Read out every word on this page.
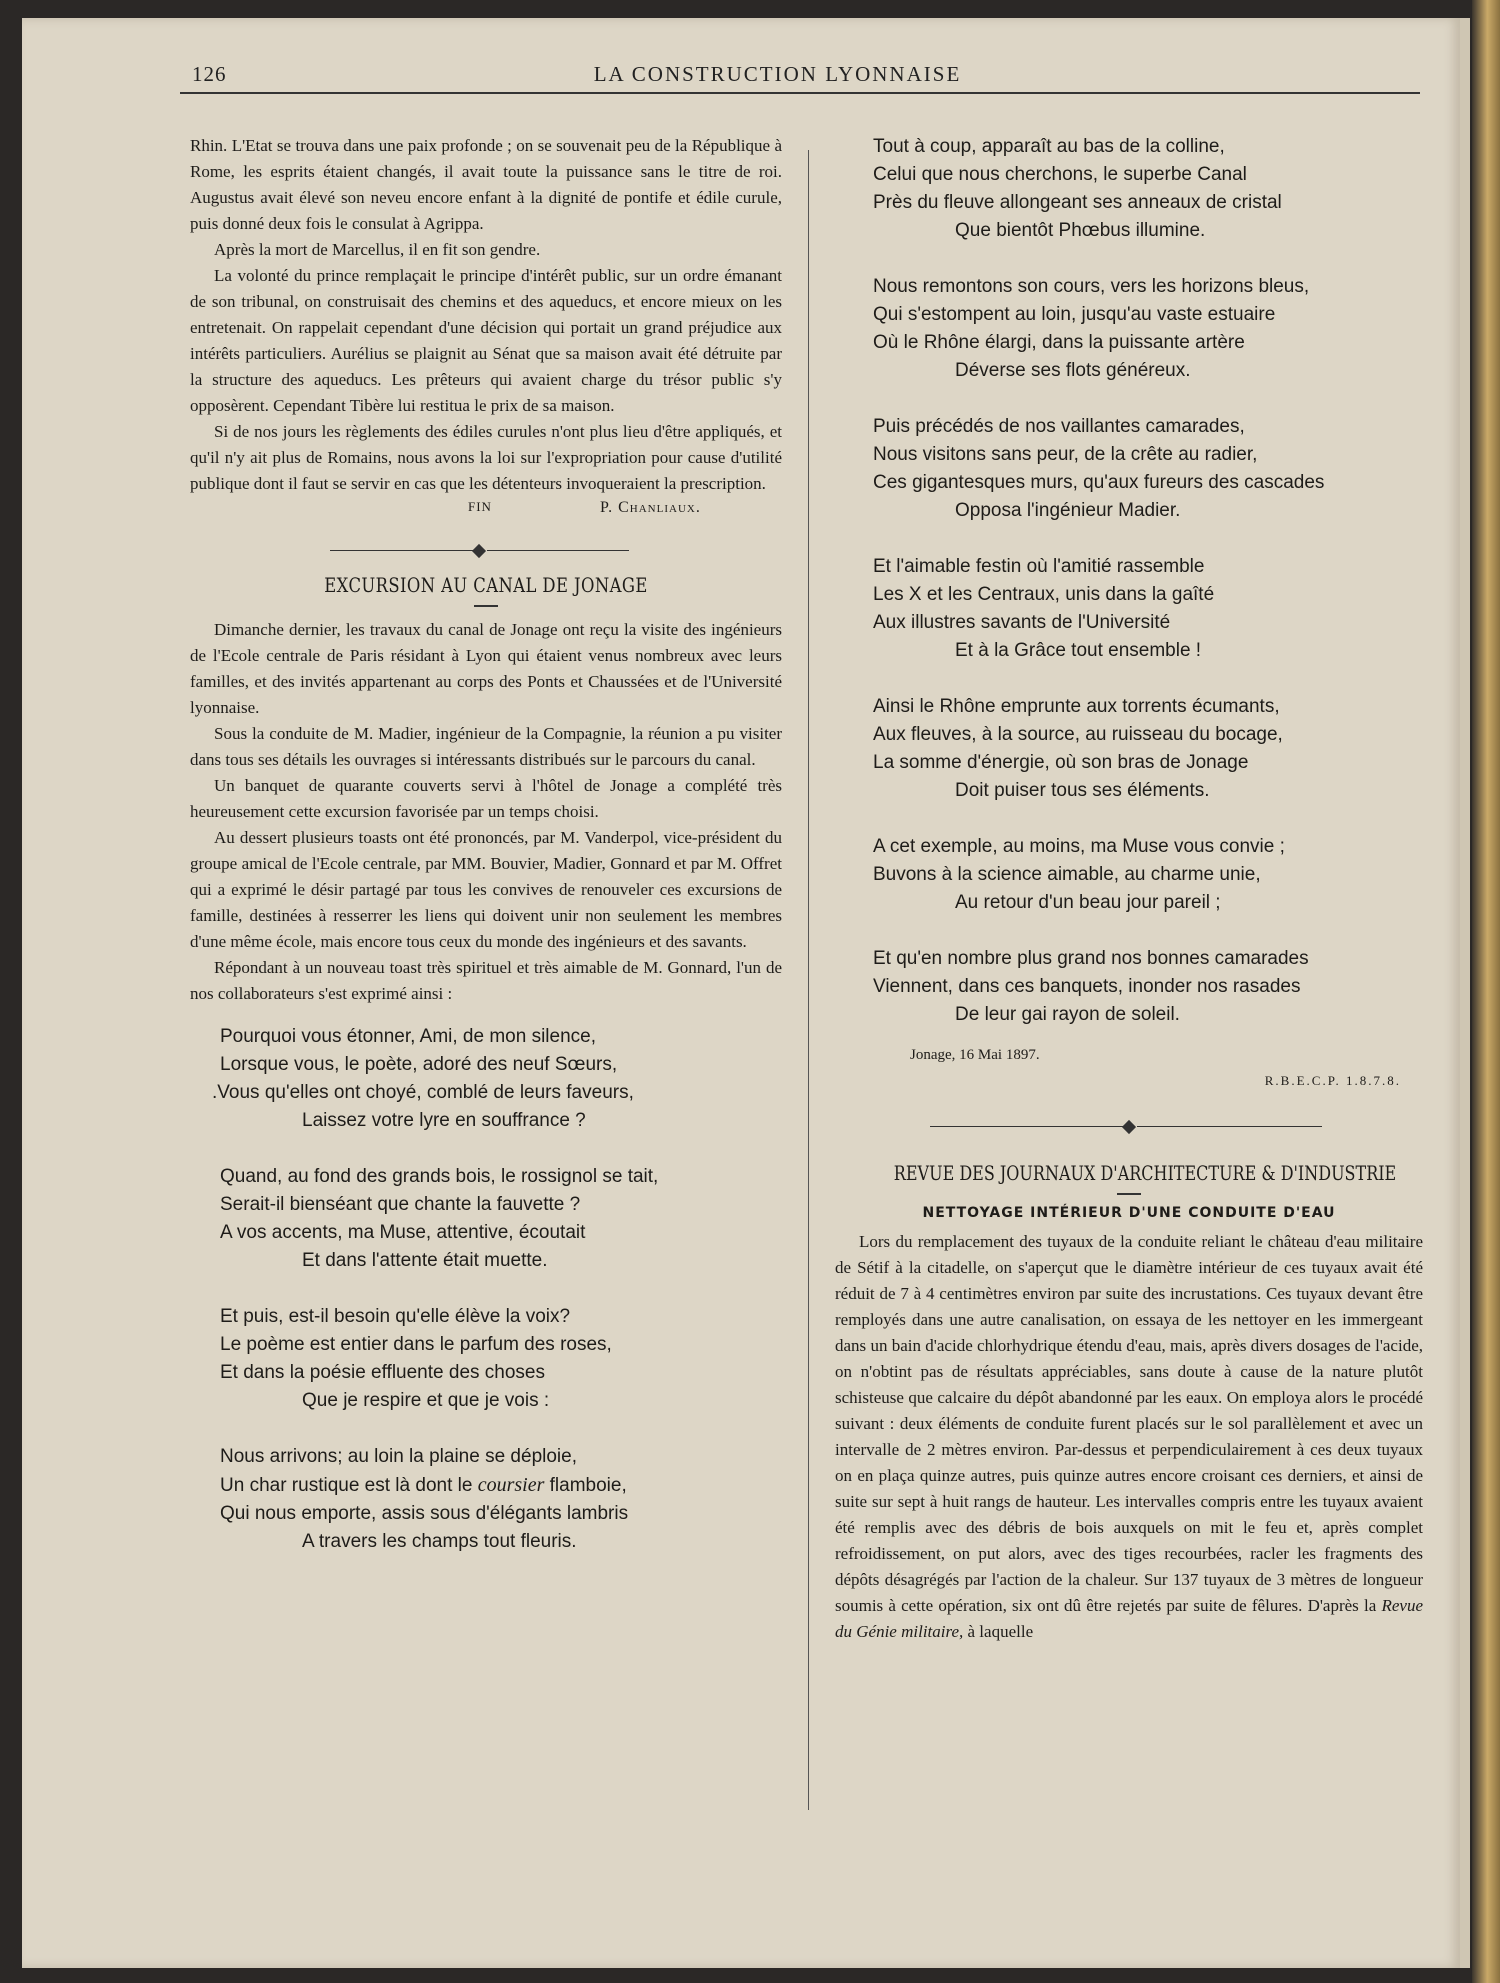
126	LA CONSTRUCTION LYONNAISE

Rhin. L'Etat se trouva dans une paix profonde ; on se souvenait peu de la République à Rome, les esprits étaient changés, il avait toute la puissance sans le titre de roi. Augustus avait élevé son neveu encore enfant à la dignité de pontife et édile curule, puis donné deux fois le consulat à Agrippa.

Après la mort de Marcellus, il en fit son gendre.

La volonté du prince remplaçait le principe d'intérêt public, sur un ordre émanant de son tribunal, on construisait des chemins et des aqueducs, et encore mieux on les entretenait. On rappelait cependant d'une décision qui portait un grand préjudice aux intérêts particuliers. Aurélius se plaignit au Sénat que sa maison avait été détruite par la structure des aqueducs. Les prêteurs qui avaient charge du trésor public s'y opposèrent. Cependant Tibère lui restitua le prix de sa maison.

Si de nos jours les règlements des édiles curules n'ont plus lieu d'être appliqués, et qu'il n'y ait plus de Romains, nous avons la loi sur l'expropriation pour cause d'utilité publique dont il faut se servir en cas que les détenteurs invoqueraient la prescription.

FIN	P. Chanliaux.
EXCURSION AU CANAL DE JONAGE

Dimanche dernier, les travaux du canal de Jonage ont reçu la visite des ingénieurs de l'Ecole centrale de Paris résidant à Lyon qui étaient venus nombreux avec leurs familles, et des invités appartenant au corps des Ponts et Chaussées et de l'Université lyonnaise.

Sous la conduite de M. Madier, ingénieur de la Compagnie, la réunion a pu visiter dans tous ses détails les ouvrages si intéressants distribués sur le parcours du canal.

Un banquet de quarante couverts servi à l'hôtel de Jonage a complété très heureusement cette excursion favorisée par un temps choisi.

Au dessert plusieurs toasts ont été prononcés, par M. Vanderpol, vice-président du groupe amical de l'Ecole centrale, par MM. Bouvier, Madier, Gonnard et par M. Offret qui a exprimé le désir partagé par tous les convives de renouveler ces excursions de famille, destinées à resserrer les liens qui doivent unir non seulement les membres d'une même école, mais encore tous ceux du monde des ingénieurs et des savants.

Répondant à un nouveau toast très spirituel et très aimable de M. Gonnard, l'un de nos collaborateurs s'est exprimé ainsi :

Pourquoi vous étonner, Ami, de mon silence,
Lorsque vous, le poète, adoré des neuf Sœurs,
.Vous qu'elles ont choyé, comblé de leurs faveurs,
Laissez votre lyre en souffrance ?
Quand, au fond des grands bois, le rossignol se tait,
Serait-il bienséant que chante la fauvette ?
A vos accents, ma Muse, attentive, écoutait
Et dans l'attente était muette.
Et puis, est-il besoin qu'elle élève la voix?
Le poème est entier dans le parfum des roses,
Et dans la poésie effluente des choses
Que je respire et que je vois :
Nous arrivons; au loin la plaine se déploie,
Un char rustique est là dont le coursier flamboie,
Qui nous emporte, assis sous d'élégants lambris
A travers les champs tout fleuris.
Tout à coup, apparaît au bas de la colline,
Celui que nous cherchons, le superbe Canal
Près du fleuve allongeant ses anneaux de cristal
Que bientôt Phœbus illumine.
Nous remontons son cours, vers les horizons bleus,
Qui s'estompent au loin, jusqu'au vaste estuaire
Où le Rhône élargi, dans la puissante artère
Déverse ses flots généreux.
Puis précédés de nos vaillantes camarades,
Nous visitons sans peur, de la crête au radier,
Ces gigantesques murs, qu'aux fureurs des cascades
Opposa l'ingénieur Madier.
Et l'aimable festin où l'amitié rassemble
Les X et les Centraux, unis dans la gaîté
Aux illustres savants de l'Université
Et à la Grâce tout ensemble !
Ainsi le Rhône emprunte aux torrents écumants,
Aux fleuves, à la source, au ruisseau du bocage,
La somme d'énergie, où son bras de Jonage
Doit puiser tous ses éléments.
A cet exemple, au moins, ma Muse vous convie ;
Buvons à la science aimable, au charme unie,
Au retour d'un beau jour pareil ;
Et qu'en nombre plus grand nos bonnes camarades
Viennent, dans ces banquets, inonder nos rasades
De leur gai rayon de soleil.
Jonage, 16 Mai 1897.
R.B.E.C.P. 1.8.7.8.
REVUE DES JOURNAUX D'ARCHITECTURE & D'INDUSTRIE
NETTOYAGE INTÉRIEUR D'UNE CONDUITE D'EAU

Lors du remplacement des tuyaux de la conduite reliant le château d'eau militaire de Sétif à la citadelle, on s'aperçut que le diamètre intérieur de ces tuyaux avait été réduit de 7 à 4 centimètres environ par suite des incrustations. Ces tuyaux devant être remployés dans une autre canalisation, on essaya de les nettoyer en les immergeant dans un bain d'acide chlorhydrique étendu d'eau, mais, après divers dosages de l'acide, on n'obtint pas de résultats appréciables, sans doute à cause de la nature plutôt schisteuse que calcaire du dépôt abandonné par les eaux. On employa alors le procédé suivant : deux éléments de conduite furent placés sur le sol parallèlement et avec un intervalle de 2 mètres environ. Par-dessus et perpendiculairement à ces deux tuyaux on en plaça quinze autres, puis quinze autres encore croisant ces derniers, et ainsi de suite sur sept à huit rangs de hauteur. Les intervalles compris entre les tuyaux avaient été remplis avec des débris de bois auxquels on mit le feu et, après complet refroidissement, on put alors, avec des tiges recourbées, racler les fragments des dépôts désagrégés par l'action de la chaleur. Sur 137 tuyaux de 3 mètres de longueur soumis à cette opération, six ont dû être rejetés par suite de fêlures. D'après la Revue du Génie militaire, à laquelle
